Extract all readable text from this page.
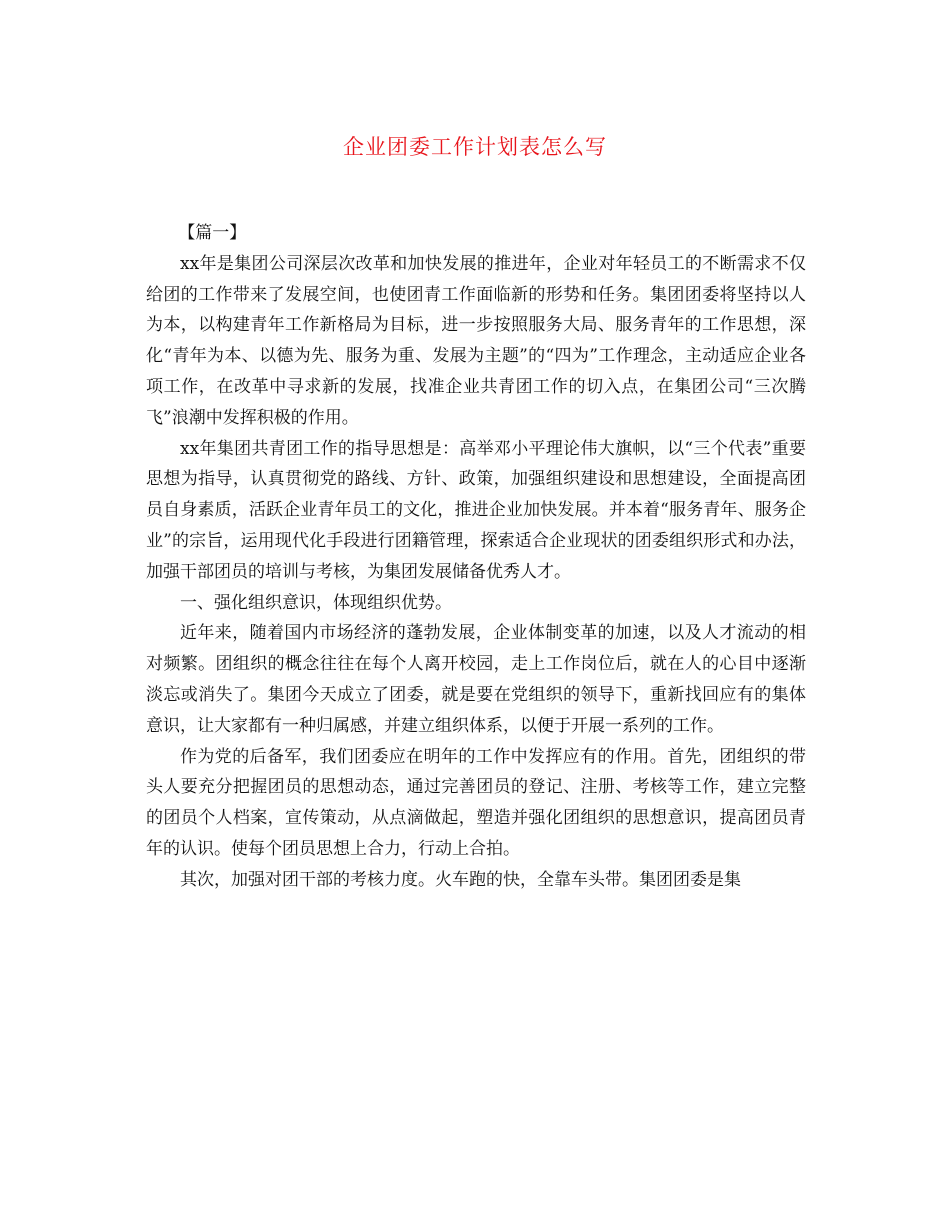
企业团委工作计划表怎么写

【篇一】

xx年是集团公司深层次改革和加快发展的推进年，企业对年轻员工的不断需求不仅给团的工作带来了发展空间，也使团青工作面临新的形势和任务。集团团委将坚持以人为本，以构建青年工作新格局为目标，进一步按照服务大局、服务青年的工作思想，深化“青年为本、以德为先、服务为重、发展为主题”的“四为”工作理念，主动适应企业各项工作，在改革中寻求新的发展，找准企业共青团工作的切入点，在集团公司“三次腾飞”浪潮中发挥积极的作用。

xx年集团共青团工作的指导思想是：高举邓小平理论伟大旗帜，以“三个代表”重要思想为指导，认真贯彻党的路线、方针、政策，加强组织建设和思想建设，全面提高团员自身素质，活跃企业青年员工的文化，推进企业加快发展。并本着“服务青年、服务企业”的宗旨，运用现代化手段进行团籍管理，探索适合企业现状的团委组织形式和办法，加强干部团员的培训与考核，为集团发展储备优秀人才。

一、强化组织意识，体现组织优势。

近年来，随着国内市场经济的蓬勃发展，企业体制变革的加速，以及人才流动的相对频繁。团组织的概念往往在每个人离开校园，走上工作岗位后，就在人的心目中逐渐淡忘或消失了。集团今天成立了团委，就是要在党组织的领导下，重新找回应有的集体意识，让大家都有一种归属感，并建立组织体系，以便于开展一系列的工作。

作为党的后备军，我们团委应在明年的工作中发挥应有的作用。首先，团组织的带头人要充分把握团员的思想动态，通过完善团员的登记、注册、考核等工作，建立完整的团员个人档案，宣传策动，从点滴做起，塑造并强化团组织的思想意识，提高团员青年的认识。使每个团员思想上合力，行动上合拍。

其次，加强对团干部的考核力度。火车跑的快，全靠车头带。集团团委是集
